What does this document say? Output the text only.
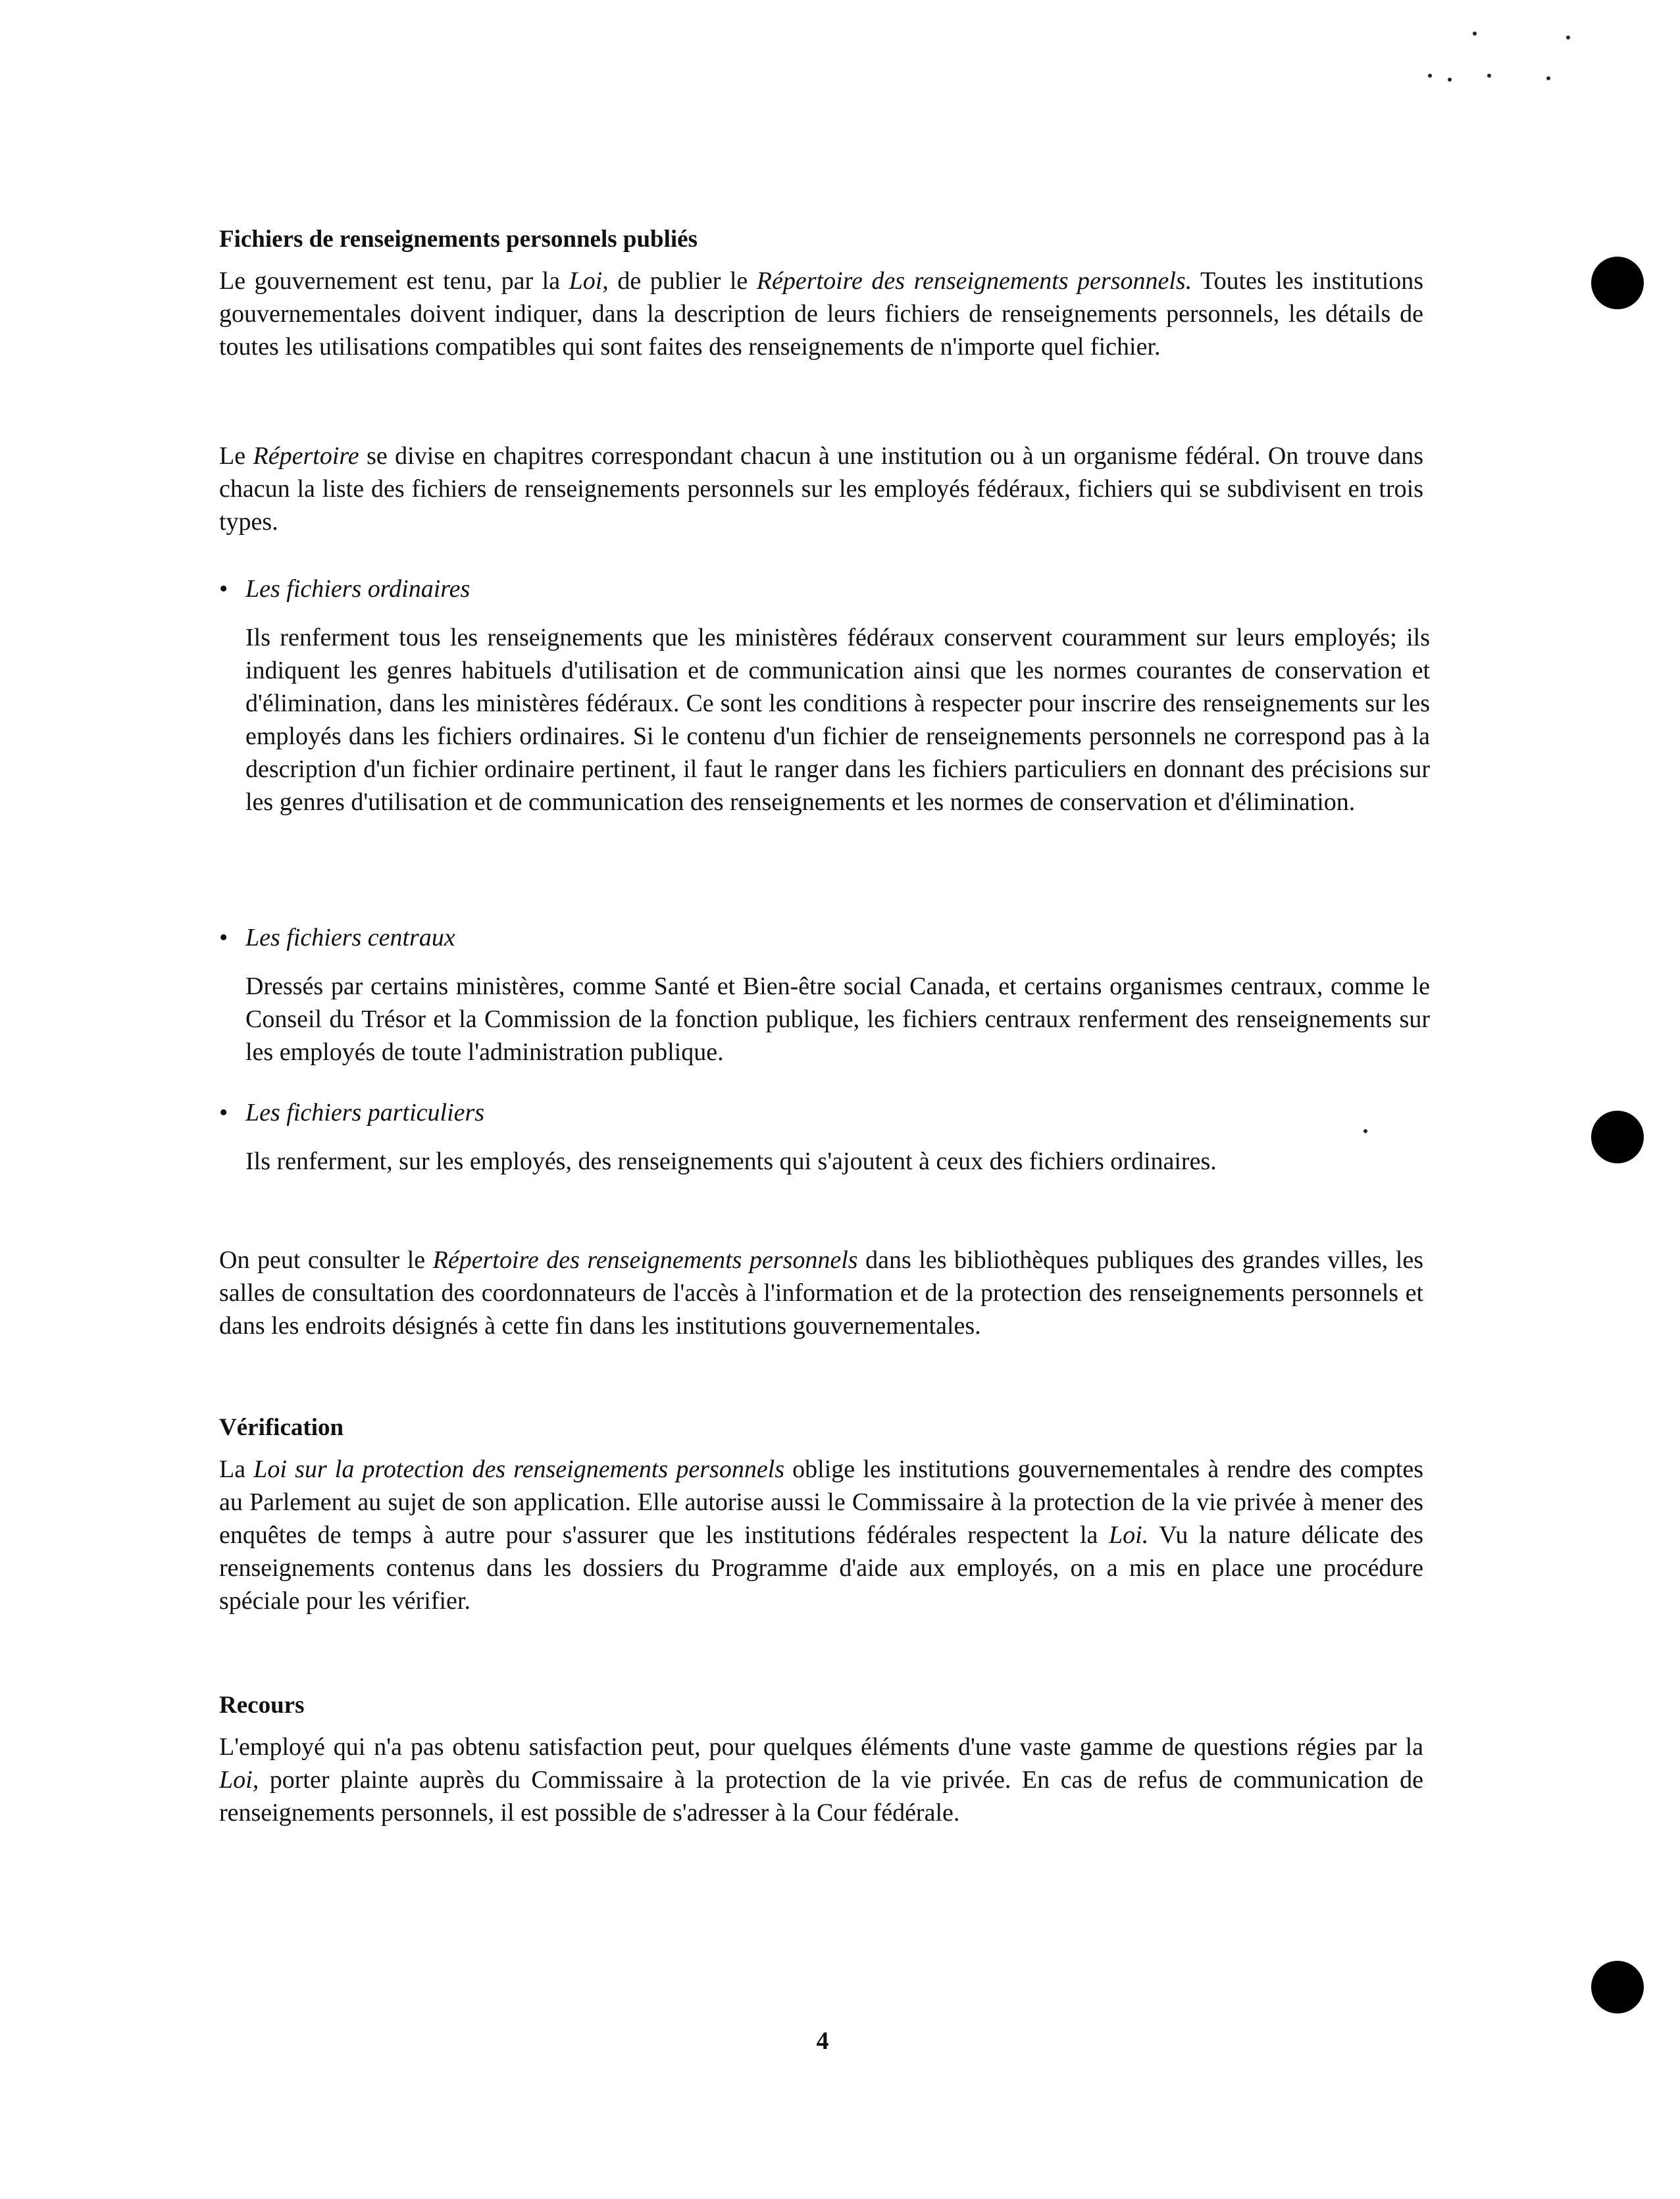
Fichiers de renseignements personnels publiés

Le gouvernement est tenu, par la Loi, de publier le Répertoire des renseignements personnels. Toutes les institutions gouvernementales doivent indiquer, dans la description de leurs fichiers de renseignements personnels, les détails de toutes les utilisations compatibles qui sont faites des renseignements de n'importe quel fichier.

Le Répertoire se divise en chapitres correspondant chacun à une institution ou à un organisme fédéral. On trouve dans chacun la liste des fichiers de renseignements personnels sur les employés fédéraux, fichiers qui se subdivisent en trois types.

• Les fichiers ordinaires

Ils renferment tous les renseignements que les ministères fédéraux conservent couramment sur leurs employés; ils indiquent les genres habituels d'utilisation et de communication ainsi que les normes courantes de conservation et d'élimination, dans les ministères fédéraux. Ce sont les conditions à respecter pour inscrire des renseignements sur les employés dans les fichiers ordinaires. Si le contenu d'un fichier de renseignements personnels ne correspond pas à la description d'un fichier ordinaire pertinent, il faut le ranger dans les fichiers particuliers en donnant des précisions sur les genres d'utilisation et de communication des renseignements et les normes de conservation et d'élimination.

• Les fichiers centraux

Dressés par certains ministères, comme Santé et Bien-être social Canada, et certains organismes centraux, comme le Conseil du Trésor et la Commission de la fonction publique, les fichiers centraux renferment des renseignements sur les employés de toute l'administration publique.

• Les fichiers particuliers

Ils renferment, sur les employés, des renseignements qui s'ajoutent à ceux des fichiers ordinaires.

On peut consulter le Répertoire des renseignements personnels dans les bibliothèques publiques des grandes villes, les salles de consultation des coordonnateurs de l'accès à l'information et de la protection des renseignements personnels et dans les endroits désignés à cette fin dans les institutions gouvernementales.

Vérification

La Loi sur la protection des renseignements personnels oblige les institutions gouvernementales à rendre des comptes au Parlement au sujet de son application. Elle autorise aussi le Commissaire à la protection de la vie privée à mener des enquêtes de temps à autre pour s'assurer que les institutions fédérales respectent la Loi. Vu la nature délicate des renseignements contenus dans les dossiers du Programme d'aide aux employés, on a mis en place une procédure spéciale pour les vérifier.

Recours

L'employé qui n'a pas obtenu satisfaction peut, pour quelques éléments d'une vaste gamme de questions régies par la Loi, porter plainte auprès du Commissaire à la protection de la vie privée. En cas de refus de communication de renseignements personnels, il est possible de s'adresser à la Cour fédérale.

4
